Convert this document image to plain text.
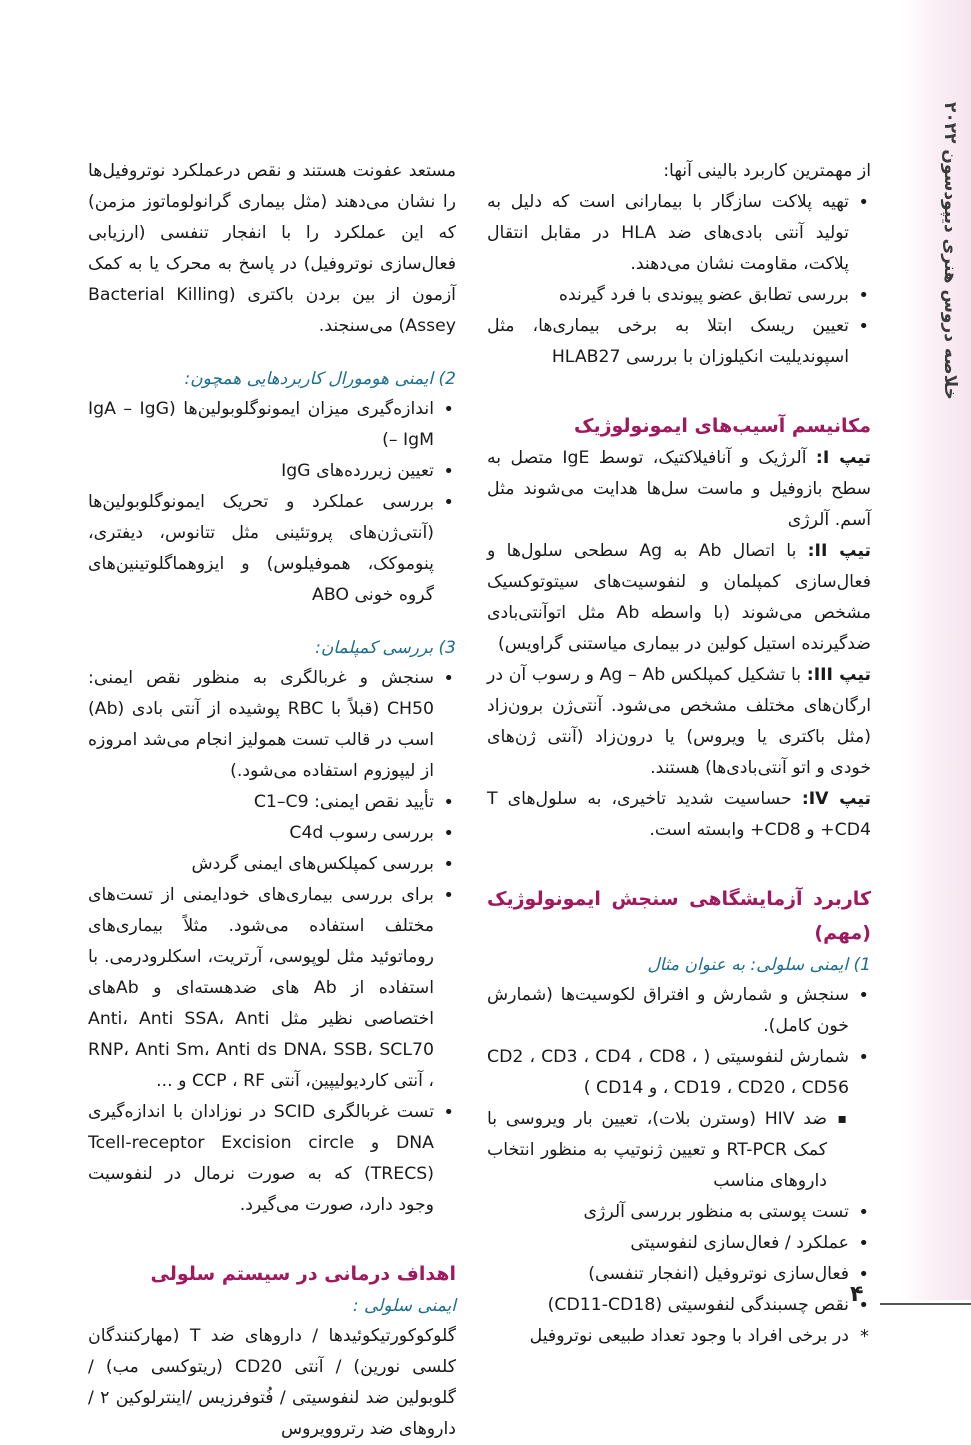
خلاصه دروس هنری دیپودسون ۲۰۲۲

از مهمترین کاربرد بالینی آنها:

• تهیه پلاکت سازگار با بیمارانی است که دلیل به تولید آنتی بادی‌های ضد HLA در مقابل انتقال پلاکت، مقاومت نشان می‌دهند.
• بررسی تطابق عضو پیوندی با فرد گیرنده
• تعیین ریسک ابتلا به برخی بیماری‌ها، مثل اسپوندیلیت انکیلوزان با بررسی HLAB27

مکانیسم آسیب‌های ایمونولوژیک

تیپ I: آلرژیک و آنافیلاکتیک، توسط IgE متصل به سطح بازوفیل و ماست سل‌ها هدایت می‌شوند مثل آسم. آلرژی

تیپ II: با اتصال Ab به Ag سطحی سلول‌ها و فعال‌سازی کمپلمان و لنفوسیت‌های سیتوتوکسیک مشخص می‌شوند (با واسطه Ab مثل اتوآنتی‌بادی ضدگیرنده استیل کولین در بیماری میاستنی گراویس)

تیپ III: با تشکیل کمپلکس Ag – Ab و رسوب آن در ارگان‌های مختلف مشخص می‌شود. آنتی‌ژن برون‌زاد (مثل باکتری یا ویروس) یا درون‌زاد (آنتی ژن‌های خودی و اتو آنتی‌بادی‌ها) هستند.

تیپ IV: حساسیت شدید تاخیری، به سلول‌های T CD4+ و CD8+ وابسته است.

کاربرد آزمایشگاهی سنجش ایمونولوژیک (مهم)

1) ایمنی سلولی: به عنوان مثال

• سنجش و شمارش و افتراق لکوسیت‌ها (شمارش خون کامل).
• شمارش لنفوسیتی ( CD2 ، CD3 ، CD4 ، CD8 ، CD19 ، CD20 ، CD56 ، و CD14 )
▪ ضد HIV (وسترن بلات)، تعیین بار ویروسی با کمک RT-PCR و تعیین ژنوتیپ به منظور انتخاب داروهای مناسب
• تست پوستی به منظور بررسی آلرژی
• عملکرد / فعال‌سازی لنفوسیتی
• فعال‌سازی نوتروفیل (انفجار تنفسی)
• نقص چسبندگی لنفوسیتی (CD11-CD18)
* در برخی افراد با وجود تعداد طبیعی نوتروفیل

مستعد عفونت هستند و نقص درعملکرد نوتروفیل‌ها را نشان می‌دهند (مثل بیماری گرانولوماتوز مزمن) که این عملکرد را با انفجار تنفسی (ارزیابی فعال‌سازی نوتروفیل) در پاسخ به محرک یا به کمک آزمون از بین بردن باکتری (Bacterial Killing Assey) می‌سنجند.

2) ایمنی هومورال کاربردهایی همچون:

• اندازه‌گیری میزان ایمونوگلوبولین‌ها (IgA – IgG – IgM)
• تعیین زیررده‌های IgG
• بررسی عملکرد و تحریک ایمونوگلوبولین‌ها (آنتی‌ژن‌های پروتئینی مثل تتانوس، دیفتری، پنوموکک، هموفیلوس) و ایزوهماگلوتینین‌های گروه خونی ABO

3) بررسی کمپلمان:

• سنجش و غربالگری به منظور نقص ایمنی: CH50 (قبلاً با RBC پوشیده از آنتی بادی (Ab) اسب در قالب تست همولیز انجام می‌شد امروزه از لیپوزوم استفاده می‌شود.)
• تأیید نقص ایمنی: C1–C9
• بررسی رسوب C4d
• بررسی کمپلکس‌های ایمنی گردش
• برای بررسی بیماری‌های خودایمنی از تست‌های مختلف استفاده می‌شود. مثلاً بیماری‌های روماتوئید مثل لوپوسی، آرتریت، اسکلرودرمی. با استفاده از Ab های ضدهسته‌ای و Abهای اختصاصی نظیر مثل Anti، Anti SSA، Anti RNP، Anti Sm، Anti ds DNA، SSB، SCL70 ، آنتی کاردیولیپین، آنتی CCP ، RF و ...
• تست غربالگری SCID در نوزادان با اندازه‌گیری DNA و Tcell-receptor Excision circle (TRECS) که به صورت نرمال در لنفوسیت وجود دارد، صورت می‌گیرد.

اهداف درمانی در سیستم سلولی

ایمنی سلولی :

گلوکوکورتیکوئیدها / داروهای ضد T (مهارکنندگان کلسی نورین) / آنتی CD20 (ریتوکسی مب) / گلوبولین ضد لنفوسیتی / فُتوفرزیس /اینترلوکین ۲ / داروهای ضد رتروویروس

۴
